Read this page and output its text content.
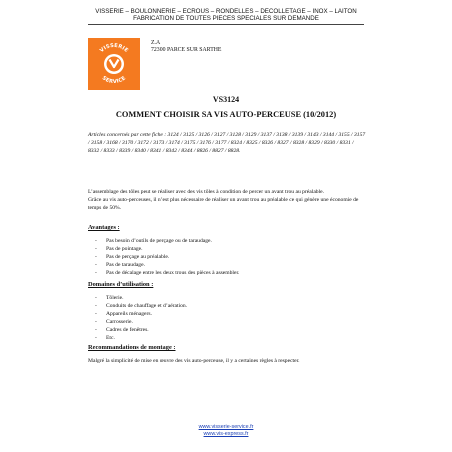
VISSERIE – BOULONNERIE – ECROUS – RONDELLES – DECOLLETAGE – INOX – LAITON
FABRICATION DE TOUTES PIECES SPECIALES SUR DEMANDE
VISSERIE
SERVICE
Z.A
72300 PARCE SUR SARTHE
VS3124
COMMENT CHOISIR SA VIS AUTO-PERCEUSE (10/2012)
Articles concernés par cette fiche : 3124 / 3125 / 3126 / 3127 / 3128 / 3129 / 3137 / 3138 / 3139 / 3143 / 3144 / 3155 / 3157 / 3158 / 3168 / 3170 / 3172 / 3173 / 3174 / 3175 / 3176 / 3177 / 8324 / 8325 / 8326 / 8327 / 8328 / 8329 / 8330 / 8331 / 8332 / 8333 / 8339 / 8340 / 8341 / 8342 / 8344 / 8826 / 8827 / 8828.
L’assemblage des tôles peut se réaliser avec des vis tôles à condition de percer un avant trou au préalable.
Grâce au vis auto-perceuses, il n’est plus nécessaire de réaliser un avant trou au préalable ce qui génère une économie de temps de 50%.
Avantages :
- Pas besoin d’outils de perçage ou de taraudage.
- Pas de pointage.
- Pas de perçage au préalable.
- Pas de taraudage.
- Pas de décalage entre les deux trous des pièces à assembler.
Domaines d’utilisation :
- Tôlerie.
- Conduits de chauffage et d’aération.
- Appareils ménagers.
- Carrosserie.
- Cadres de fenêtres.
- Etc.
Recommandations de montage :
Malgré la simplicité de mise en œuvre des vis auto-perceuse, il y a certaines règles à respecter.
www.visserie-service.fr
www.vis-express.fr
